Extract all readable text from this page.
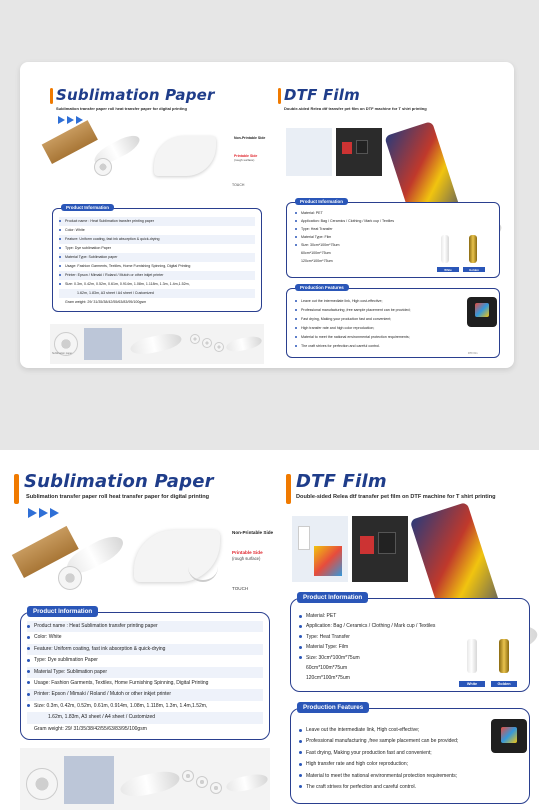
Sublimation Paper
Sublimation transfer paper roll heat transfer paper for digital printing
Non-Printable Side
Printable Side
(rough surface)
TOUCH
Product Information
Product name : Heat Sublimation transfer printing paper
Color: White
Feature: Uniform coating, fast ink absorption & quick-drying
Type: Dye sublimation Paper
Material Type: Sublimation paper
Usage: Fashion Garments, Textiles, Home Furnishing Spinning, Digital Printing
Printer: Epson / Mimaki / Roland / Mutoh or other inkjet printer
Size: 0.3m, 0.42m, 0.52m, 0.61m, 0.914m, 1.08m, 1.118m, 1.3m, 1.4m,1.52m,
1.62m, 1.83m, A3 sheet / A4 sheet / Customized
Gram weight: 29/ 31/35/38/42/55/63/83/95/100gsm
Sublimation paper
DTF Film
Double-sided Relea dtf transfer pet film on DTF machine for T shirt printing
Product Information
Material: PET
Application: Bag / Ceramics / Clothing / Mark cup / Textiles
Type: Heat Transfer
Material Type: Film
Size: 30cm*100m*75um
60cm*100m*75um
120cm*100m*75um
White	Golden
Production Features
Leave out the intermediate link, High cost-effective;
Professional manufacturing ,free sample placement can be provided;
Fast drying, Making your production fast and convenient;
High transfer rate and high color reproduction;
Material to meet the national environmental protection requirements;
The craft strives for perfection and careful control.
DTF film
Sublimation Paper
Sublimation transfer paper roll heat transfer paper for digital printing
Non-Printable Side
Printable Side
(rough surface)
TOUCH
Product Information
Product name : Heat Sublimation transfer printing paper
Color: White
Feature: Uniform coating, fast ink absorption & quick-drying
Type: Dye sublimation Paper
Material Type: Sublimation paper
Usage: Fashion Garments, Textiles, Home Furnishing Spinning, Digital Printing
Printer: Epson / Mimaki / Roland / Mutoh or other inkjet printer
Size: 0.3m, 0.42m, 0.52m, 0.61m, 0.914m, 1.08m, 1.118m, 1.3m, 1.4m,1.52m,
1.62m, 1.83m, A3 sheet / A4 sheet / Customized
Gram weight: 29/ 31/35/38/42/55/63/83/95/100gsm
DTF Film
Double-sided Relea dtf transfer pet film on DTF machine for T shirt printing
Product Information
Material: PET
Application: Bag / Ceramics / Clothing / Mark cup / Textiles
Type: Heat Transfer
Material Type: Film
Size: 30cm*100m*75um
60cm*100m*75um
120cm*100m*75um
White	Golden
Production Features
Leave out the intermediate link, High cost-effective;
Professional manufacturing ,free sample placement can be provided;
Fast drying, Making your production fast and convenient;
High transfer rate and high color reproduction;
Material to meet the national environmental protection requirements;
The craft strives for perfection and careful control.
